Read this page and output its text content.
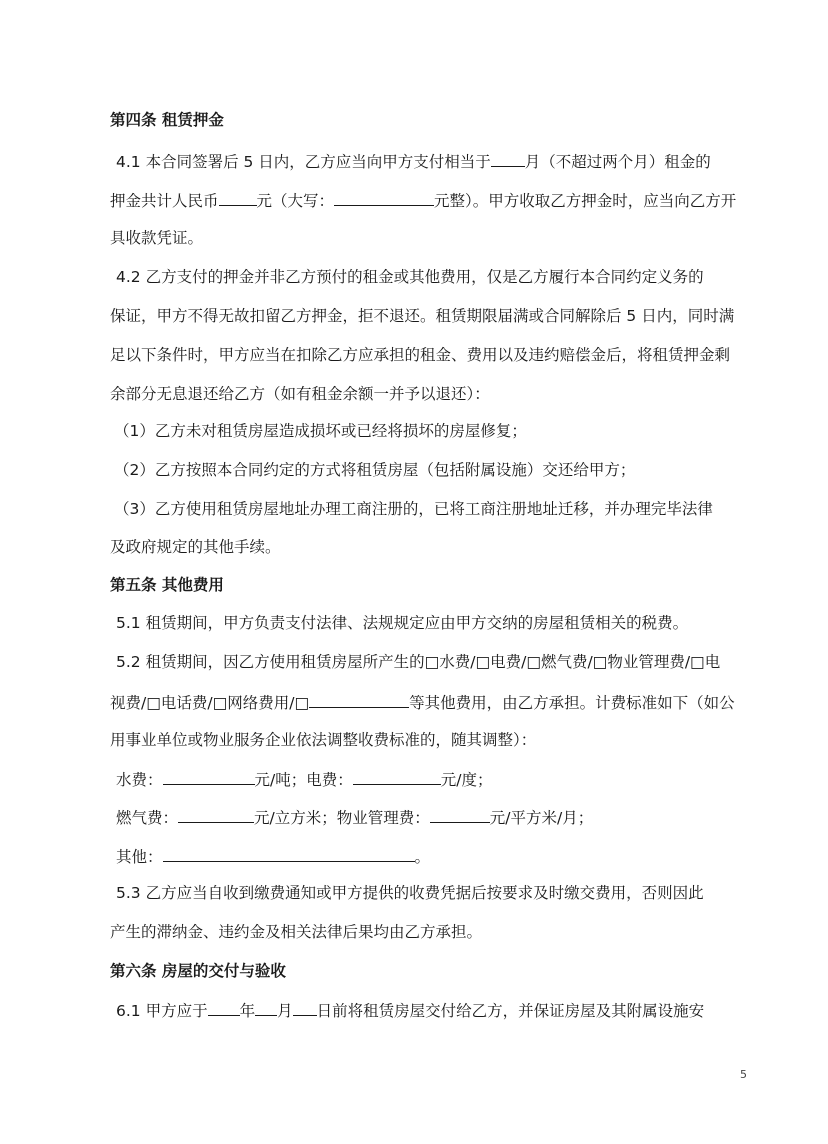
第四条 租赁押金
4.1 本合同签署后 5 日内，乙方应当向甲方支付相当于 月（不超过两个月）租金的
押金共计人民币 元（大写：	元整）。甲方收取乙方押金时，应当向乙方开
具收款凭证。
4.2 乙方支付的押金并非乙方预付的租金或其他费用，仅是乙方履行本合同约定义务的
保证，甲方不得无故扣留乙方押金，拒不退还。租赁期限届满或合同解除后 5 日内，同时满
足以下条件时，甲方应当在扣除乙方应承担的租金、费用以及违约赔偿金后，将租赁押金剩
余部分无息退还给乙方（如有租金余额一并予以退还）：
（1）乙方未对租赁房屋造成损坏或已经将损坏的房屋修复；
（2）乙方按照本合同约定的方式将租赁房屋（包括附属设施）交还给甲方；
（3）乙方使用租赁房屋地址办理工商注册的，已将工商注册地址迁移，并办理完毕法律
及政府规定的其他手续。
第五条 其他费用
5.1 租赁期间，甲方负责支付法律、法规规定应由甲方交纳的房屋租赁相关的税费。
5.2 租赁期间，因乙方使用租赁房屋所产生的□水费/□电费/□燃气费/□物业管理费/□电
视费/□电话费/□网络费用/□	等其他费用，由乙方承担。计费标准如下（如公
用事业单位或物业服务企业依法调整收费标准的，随其调整）：
水费：	元/吨；电费：	元/度；
燃气费：	元/立方米；物业管理费：	元/平方米/月；
其他：	。
5.3 乙方应当自收到缴费通知或甲方提供的收费凭据后按要求及时缴交费用，否则因此
产生的滞纳金、违约金及相关法律后果均由乙方承担。
第六条 房屋的交付与验收
6.1 甲方应于 年 月 日前将租赁房屋交付给乙方，并保证房屋及其附属设施安
5
